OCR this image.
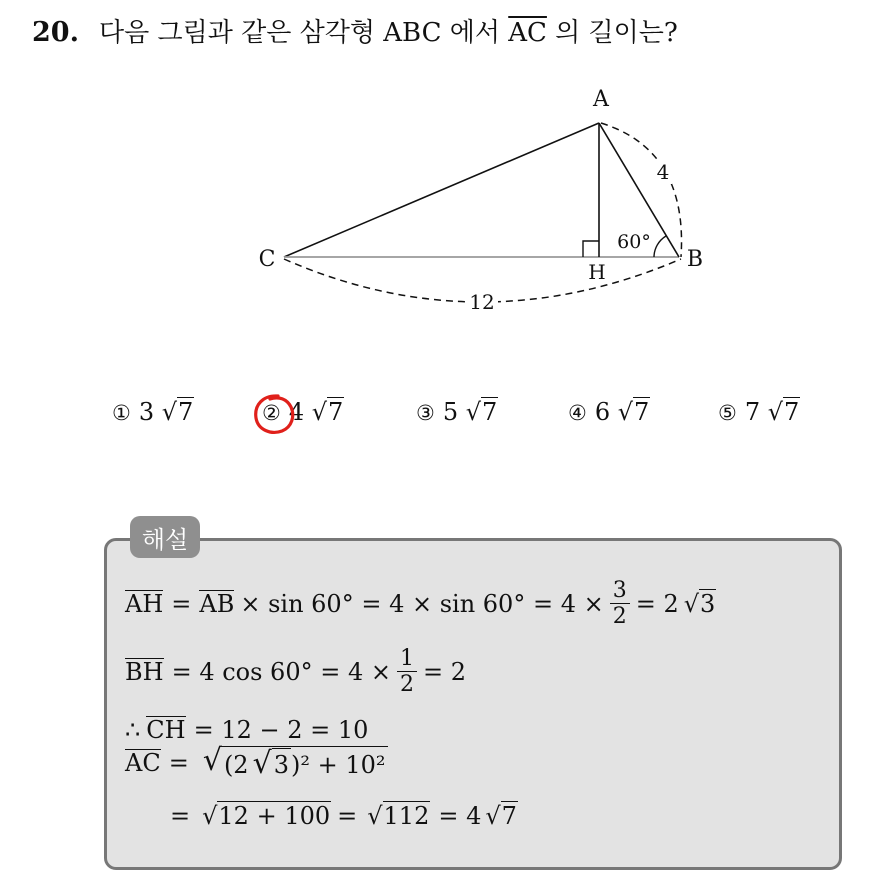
20. 다음 그림과 같은 삼각형 ABC 에서 $\overline{AC}$ 의 길이는?
A
B
C	H
4
12
60°
① 3 √7	② 4 √7	③ 5 √7	④ 6 √7	⑤ 7 √7
해설
AH = AB × $\sin 60^\circ = 4 \times \sin 60^\circ = 4 \times \frac{3}{2} = 2$ √3
BH = 4 $\cos 60^\circ = 4 \times \frac{1}{2} = 2$
∴ CH = 12 − 2 = 10
AC = √ (2 √3)² + 10²
= √12 + 100 = √112 = 4 √7
